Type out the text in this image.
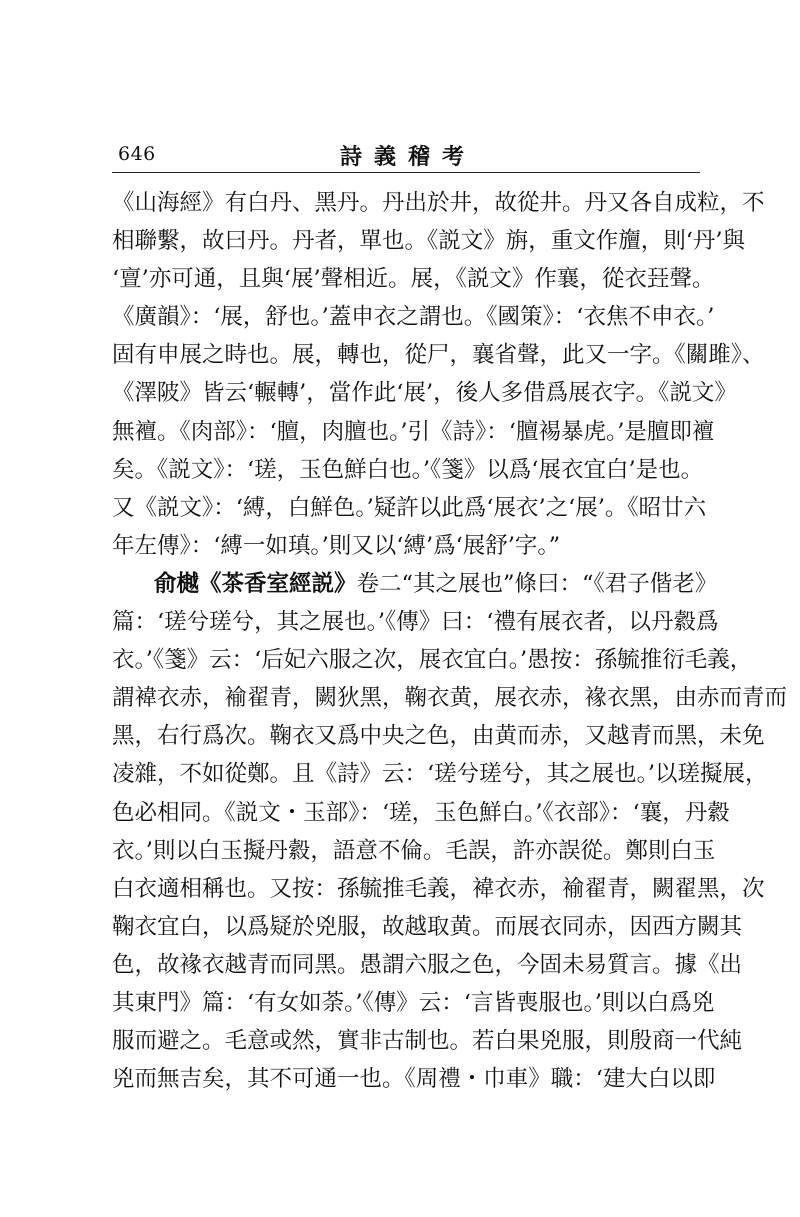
646	詩義稽考
《山海經》有白丹、黑丹。丹出於井，故從井。丹又各自成粒，不
相聯繫，故曰丹。丹者，單也。《説文》旃，重文作旜，則‘丹’與
‘亶’亦可通，且與‘展’聲相近。展，《説文》作襄，從衣㠭聲。
《廣韻》：‘展，舒也。’蓋申衣之謂也。《國策》：‘衣焦不申衣。’
固有申展之時也。展，轉也，從尸，襄省聲，此又一字。《關雎》、
《澤陂》皆云‘輾轉’，當作此‘展’，後人多借爲展衣字。《説文》
無襢。《肉部》：‘膻，肉膻也。’引《詩》：‘膻裼暴虎。’是膻即襢
矣。《説文》：‘瑳，玉色鮮白也。’《箋》以爲‘展衣宜白’是也。
又《説文》：‘縛，白鮮色。’疑許以此爲‘展衣’之‘展’。《昭廿六
年左傳》：‘縛一如瑱。’則又以‘縛’爲‘展舒’字。”
俞樾《茶香室經説》卷二“其之展也”條曰：“《君子偕老》
篇：‘瑳兮瑳兮，其之展也。’《傳》曰：‘禮有展衣者，以丹縠爲
衣。’《箋》云：‘后妃六服之次，展衣宜白。’愚按：孫毓推衍毛義，
謂褘衣赤，褕翟青，闕狄黑，鞠衣黄，展衣赤，褖衣黑，由赤而青而
黑，右行爲次。鞠衣又爲中央之色，由黄而赤，又越青而黑，未免
凌雜，不如從鄭。且《詩》云：‘瑳兮瑳兮，其之展也。’以瑳擬展，
色必相同。《説文・玉部》：‘瑳，玉色鮮白。’《衣部》：‘襄，丹縠
衣。’則以白玉擬丹縠，語意不倫。毛誤，許亦誤從。鄭則白玉
白衣適相稱也。又按：孫毓推毛義，褘衣赤，褕翟青，闕翟黑，次
鞠衣宜白，以爲疑於兇服，故越取黄。而展衣同赤，因西方闕其
色，故褖衣越青而同黑。愚謂六服之色，今固未易質言。據《出
其東門》篇：‘有女如荼。’《傳》云：‘言皆喪服也。’則以白爲兇
服而避之。毛意或然，實非古制也。若白果兇服，則殷商一代純
兇而無吉矣，其不可通一也。《周禮・巾車》職：‘建大白以即
